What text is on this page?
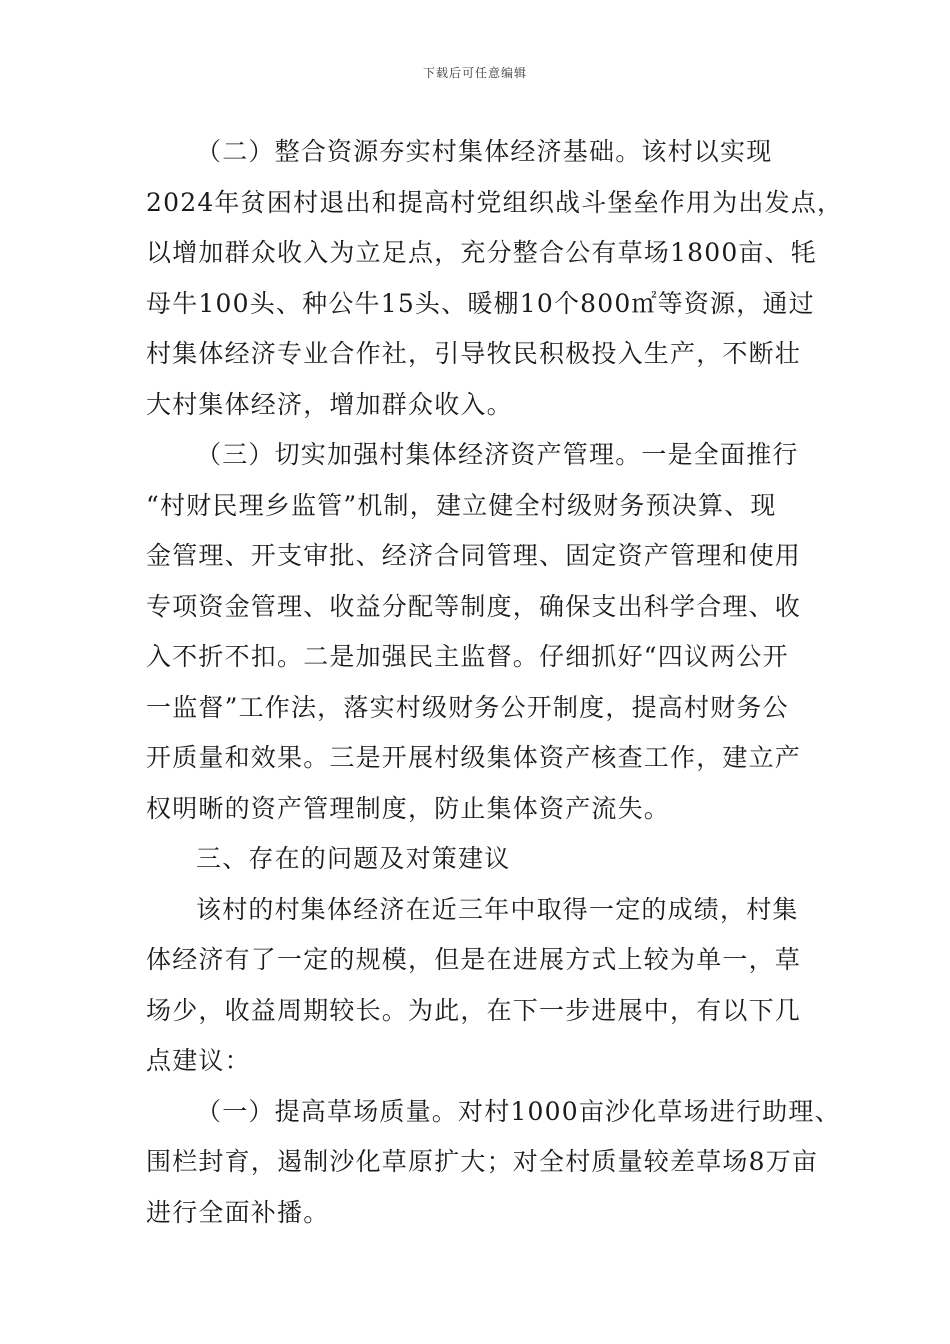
下载后可任意编辑
（二）整合资源夯实村集体经济基础。该村以实现
2024年贫困村退出和提高村党组织战斗堡垒作用为出发点，
以增加群众收入为立足点，充分整合公有草场1800亩、牦
母牛100头、种公牛15头、暖棚10个800㎡等资源，通过
村集体经济专业合作社，引导牧民积极投入生产，不断壮
大村集体经济，增加群众收入。
（三）切实加强村集体经济资产管理。一是全面推行
“村财民理乡监管”机制，建立健全村级财务预决算、现
金管理、开支审批、经济合同管理、固定资产管理和使用
专项资金管理、收益分配等制度，确保支出科学合理、收
入不折不扣。二是加强民主监督。仔细抓好“四议两公开
一监督”工作法，落实村级财务公开制度，提高村财务公
开质量和效果。三是开展村级集体资产核查工作，建立产
权明晰的资产管理制度，防止集体资产流失。
三、存在的问题及对策建议
该村的村集体经济在近三年中取得一定的成绩，村集
体经济有了一定的规模，但是在进展方式上较为单一，草
场少，收益周期较长。为此，在下一步进展中，有以下几
点建议：
（一）提高草场质量。对村1000亩沙化草场进行助理、
围栏封育，遏制沙化草原扩大；对全村质量较差草场8万亩
进行全面补播。
